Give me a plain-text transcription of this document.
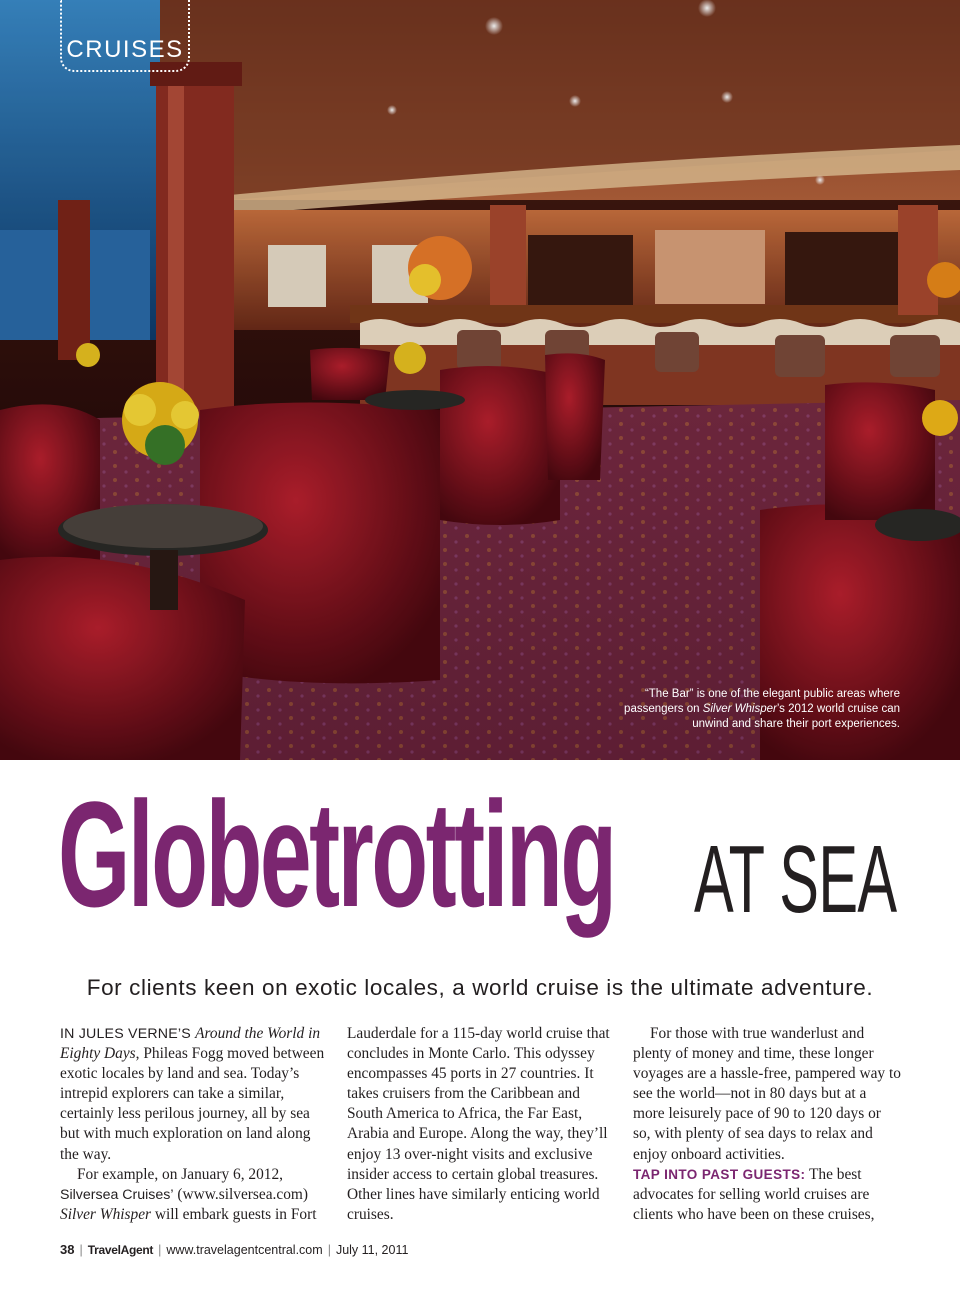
CRUISES
“The Bar” is one of the elegant public areas where passengers on Silver Whisper’s 2012 world cruise can unwind and share their port experiences.
Globetrotting AT SEA
For clients keen on exotic locales, a world cruise is the ultimate adventure.

IN JULES VERNE’S Around the World in Eighty Days, Phileas Fogg moved between exotic locales by land and sea. Today’s intrepid explorers can take a similar, certainly less perilous journey, all by sea but with much exploration on land along the way.

For example, on January 6, 2012, Silversea Cruises’ (www.silversea.com) Silver Whisper will embark guests in Fort

For those with true wanderlust and plenty of money and time, these longer voyages are a hassle-free, pampered way to see the world—not in 80 days but at a more leisurely pace of 90 to 120 days or so, with plenty of sea days to relax and enjoy onboard activities.

TAP INTO PAST GUESTS: The best advocates for selling world cruises are clients who have been on these cruises,

38 | TravelAgent | www.travelagentcentral.com | July 11, 2011

Lauderdale for a 115-day world cruise that concludes in Monte Carlo. This odyssey encompasses 45 ports in 27 countries. It takes cruisers from the Caribbean and South America to Africa, the Far East, Arabia and Europe. Along the way, they’ll enjoy 13 over-night visits and exclusive insider access to certain global treasures. Other lines have similarly enticing world cruises.
